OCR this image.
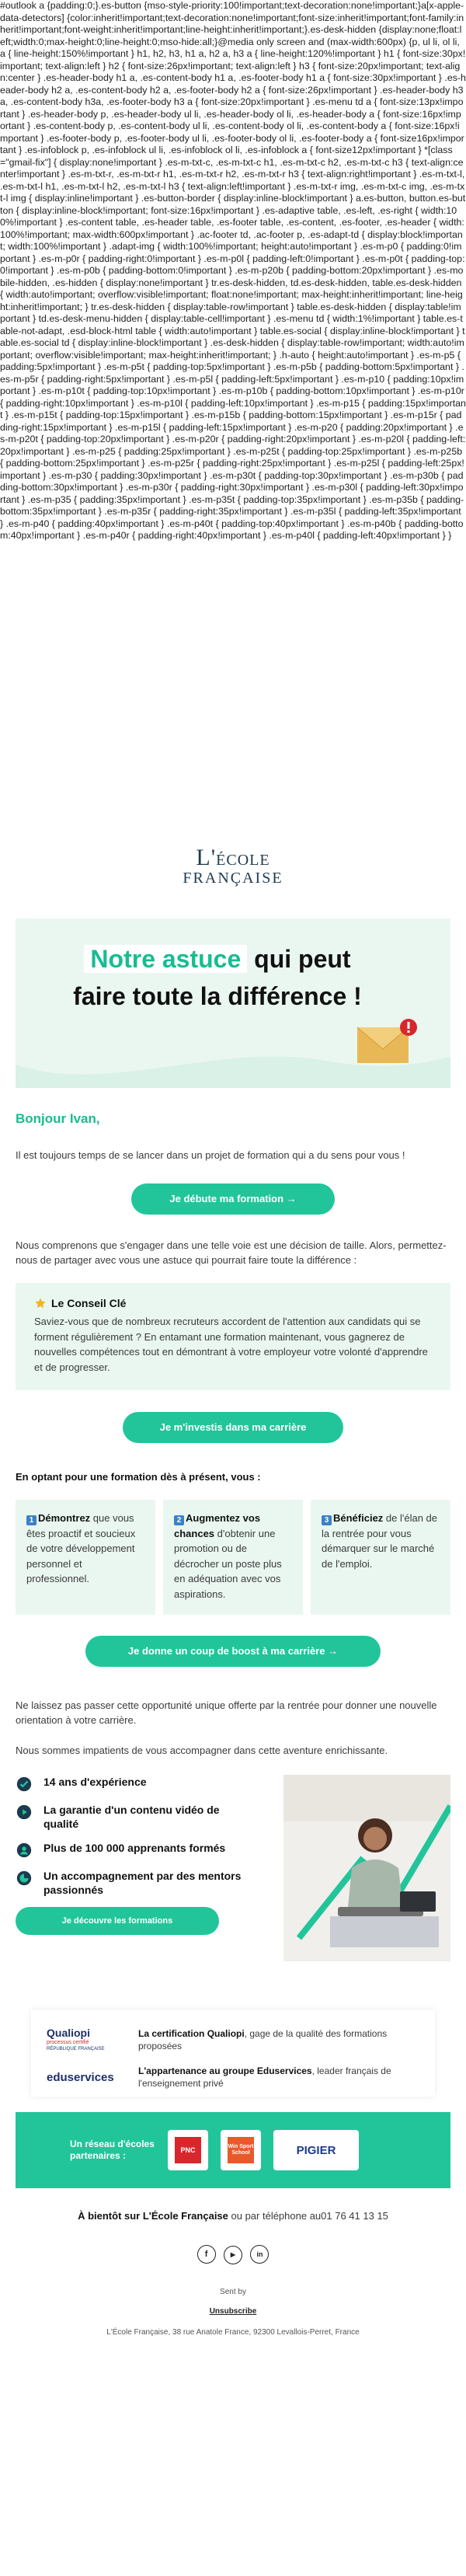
#outlook a {padding:0;}.es-button {mso-style-priority:100!important;text-decoration:none!important;}a[x-apple-data-detectors] {color:inherit!important;text-decoration:none!important;font-size:inherit!important;font-family:inherit!important;font-weight:inherit!important;line-height:inherit!important;}.es-desk-hidden {display:none;float:left;width:0;max-height:0;line-height:0;mso-hide:all;}@media only screen and (max-width:600px) {p, ul li, ol li, a { line-height:150%!important } h1, h2, h3, h1 a, h2 a, h3 a { line-height:120%!important } h1 { font-size:30px!important; text-align:left } h2 { font-size:26px!important; text-align:left } h3 { font-size:20px!important; text-align:center } .es-header-body h1 a, .es-content-body h1 a, .es-footer-body h1 a { font-size:30px!important } .es-header-body h2 a, .es-content-body h2 a, .es-footer-body h2 a { font-size:26px!important } .es-header-body h3 a, .es-content-body h3a, .es-footer-body h3 a { font-size:20px!important } .es-menu td a { font-size:13px!important } .es-header-body p, .es-header-body ul li, .es-header-body ol li, .es-header-body a { font-size:16px!important } .es-content-body p, .es-content-body ul li, .es-content-body ol li, .es-content-body a { font-size:16px!important } .es-footer-body p, .es-footer-body ul li, .es-footer-body ol li, .es-footer-body a { font-size16px!important } .es-infoblock p, .es-infoblock ul li, .es-infoblock ol li, .es-infoblock a { font-size12px!important } *[class="gmail-fix"] { display:none!important } .es-m-txt-c, .es-m-txt-c h1, .es-m-txt-c h2, .es-m-txt-c h3 { text-align:center!important } .es-m-txt-r, .es-m-txt-r h1, .es-m-txt-r h2, .es-m-txt-r h3 { text-align:right!important } .es-m-txt-l, .es-m-txt-l h1, .es-m-txt-l h2, .es-m-txt-l h3 { text-align:left!important } .es-m-txt-r img, .es-m-txt-c img, .es-m-txt-l img { display:inline!important } .es-button-border { display:inline-block!important } a.es-button, button.es-button { display:inline-block!important; font-size:16px!important } .es-adaptive table, .es-left, .es-right { width:100%!important } .es-content table, .es-header table, .es-footer table, .es-content, .es-footer, .es-header { width:100%!important; max-width:600px!important } .ac-footer td, .ac-footer p, .es-adapt-td { display:block!important; width:100%!important } .adapt-img { width:100%!important; height:auto!important } .es-m-p0 { padding:0!important } .es-m-p0r { padding-right:0!important } .es-m-p0l { padding-left:0!important } .es-m-p0t { padding-top:0!important } .es-m-p0b { padding-bottom:0!important } .es-m-p20b { padding-bottom:20px!important } .es-mobile-hidden, .es-hidden { display:none!important } tr.es-desk-hidden, td.es-desk-hidden, table.es-desk-hidden { width:auto!important; overflow:visible!important; float:none!important; max-height:inherit!important; line-height:inherit!important; } tr.es-desk-hidden { display:table-row!important } table.es-desk-hidden { display:table!important } td.es-desk-menu-hidden { display:table-cell!important } .es-menu td { width:1%!important } table.es-table-not-adapt, .esd-block-html table { width:auto!important } table.es-social { display:inline-block!important } table.es-social td { display:inline-block!important } .es-desk-hidden { display:table-row!important; width:auto!important; overflow:visible!important; max-height:inherit!important; } .h-auto { height:auto!important } .es-m-p5 { padding:5px!important } .es-m-p5t { padding-top:5px!important } .es-m-p5b { padding-bottom:5px!important } .es-m-p5r { padding-right:5px!important } .es-m-p5l { padding-left:5px!important } .es-m-p10 { padding:10px!important } .es-m-p10t { padding-top:10px!important } .es-m-p10b { padding-bottom:10px!important } .es-m-p10r { padding-right:10px!important } .es-m-p10l { padding-left:10px!important } .es-m-p15 { padding:15px!important } .es-m-p15t { padding-top:15px!important } .es-m-p15b { padding-bottom:15px!important } .es-m-p15r { padding-right:15px!important } .es-m-p15l { padding-left:15px!important } .es-m-p20 { padding:20px!important } .es-m-p20t { padding-top:20px!important } .es-m-p20r { padding-right:20px!important } .es-m-p20l { padding-left:20px!important } .es-m-p25 { padding:25px!important } .es-m-p25t { padding-top:25px!important } .es-m-p25b { padding-bottom:25px!important } .es-m-p25r { padding-right:25px!important } .es-m-p25l { padding-left:25px!important } .es-m-p30 { padding:30px!important } .es-m-p30t { padding-top:30px!important } .es-m-p30b { padding-bottom:30px!important } .es-m-p30r { padding-right:30px!important } .es-m-p30l { padding-left:30px!important } .es-m-p35 { padding:35px!important } .es-m-p35t { padding-top:35px!important } .es-m-p35b { padding-bottom:35px!important } .es-m-p35r { padding-right:35px!important } .es-m-p35l { padding-left:35px!important } .es-m-p40 { padding:40px!important } .es-m-p40t { padding-top:40px!important } .es-m-p40b { padding-bottom:40px!important } .es-m-p40r { padding-right:40px!important } .es-m-p40l { padding-left:40px!important } }
L'ÉCOLE
FRANÇAISE
Notre astuce qui peut
faire toute la différence !
Bonjour Ivan,

Il est toujours temps de se lancer dans un projet de formation qui a du sens pour vous !

Je débute ma formation →

Nous comprenons que s'engager dans une telle voie est une décision de taille. Alors, permettez-nous de partager avec vous une astuce qui pourrait faire toute la différence :

Le Conseil Clé

Saviez-vous que de nombreux recruteurs accordent de l'attention aux candidats qui se forment régulièrement ? En entamant une formation maintenant, vous gagnerez de nouvelles compétences tout en démontrant à votre employeur votre volonté d'apprendre et de progresser.

Je m'investis dans ma carrière
En optant pour une formation dès à présent, vous :
1 Démontrez que vous êtes proactif et soucieux de votre développement personnel et professionnel.
2 Augmentez vos chances d'obtenir une promotion ou de décrocher un poste plus en adéquation avec vos aspirations.
3 Bénéficiez de l'élan de la rentrée pour vous démarquer sur le marché de l'emploi.
Je donne un coup de boost à ma carrière →

Ne laissez pas passer cette opportunité unique offerte par la rentrée pour donner une nouvelle orientation à votre carrière.

Nous sommes impatients de vous accompagner dans cette aventure enrichissante.

14 ans d'expérience
La garantie d'un contenu vidéo de qualité
Plus de 100 000 apprenants formés
Un accompagnement par des mentors passionnés
Je découvre les formations
Qualiopi
processus certifié
RÉPUBLIQUE FRANÇAISE
La certification Qualiopi, gage de la qualité des formations proposées
eduservices	L'appartenance au groupe Eduservices, leader français de l'enseignement privé
Un réseau d'écoles partenaires :	PNC	Win Sport School	PIGIER
À bientôt sur L'École Française ou par téléphone au01 76 41 13 15
f	▶	in
Sent by
Unsubscribe
L'École Française, 38 rue Anatole France, 92300 Levallois-Perret, France
